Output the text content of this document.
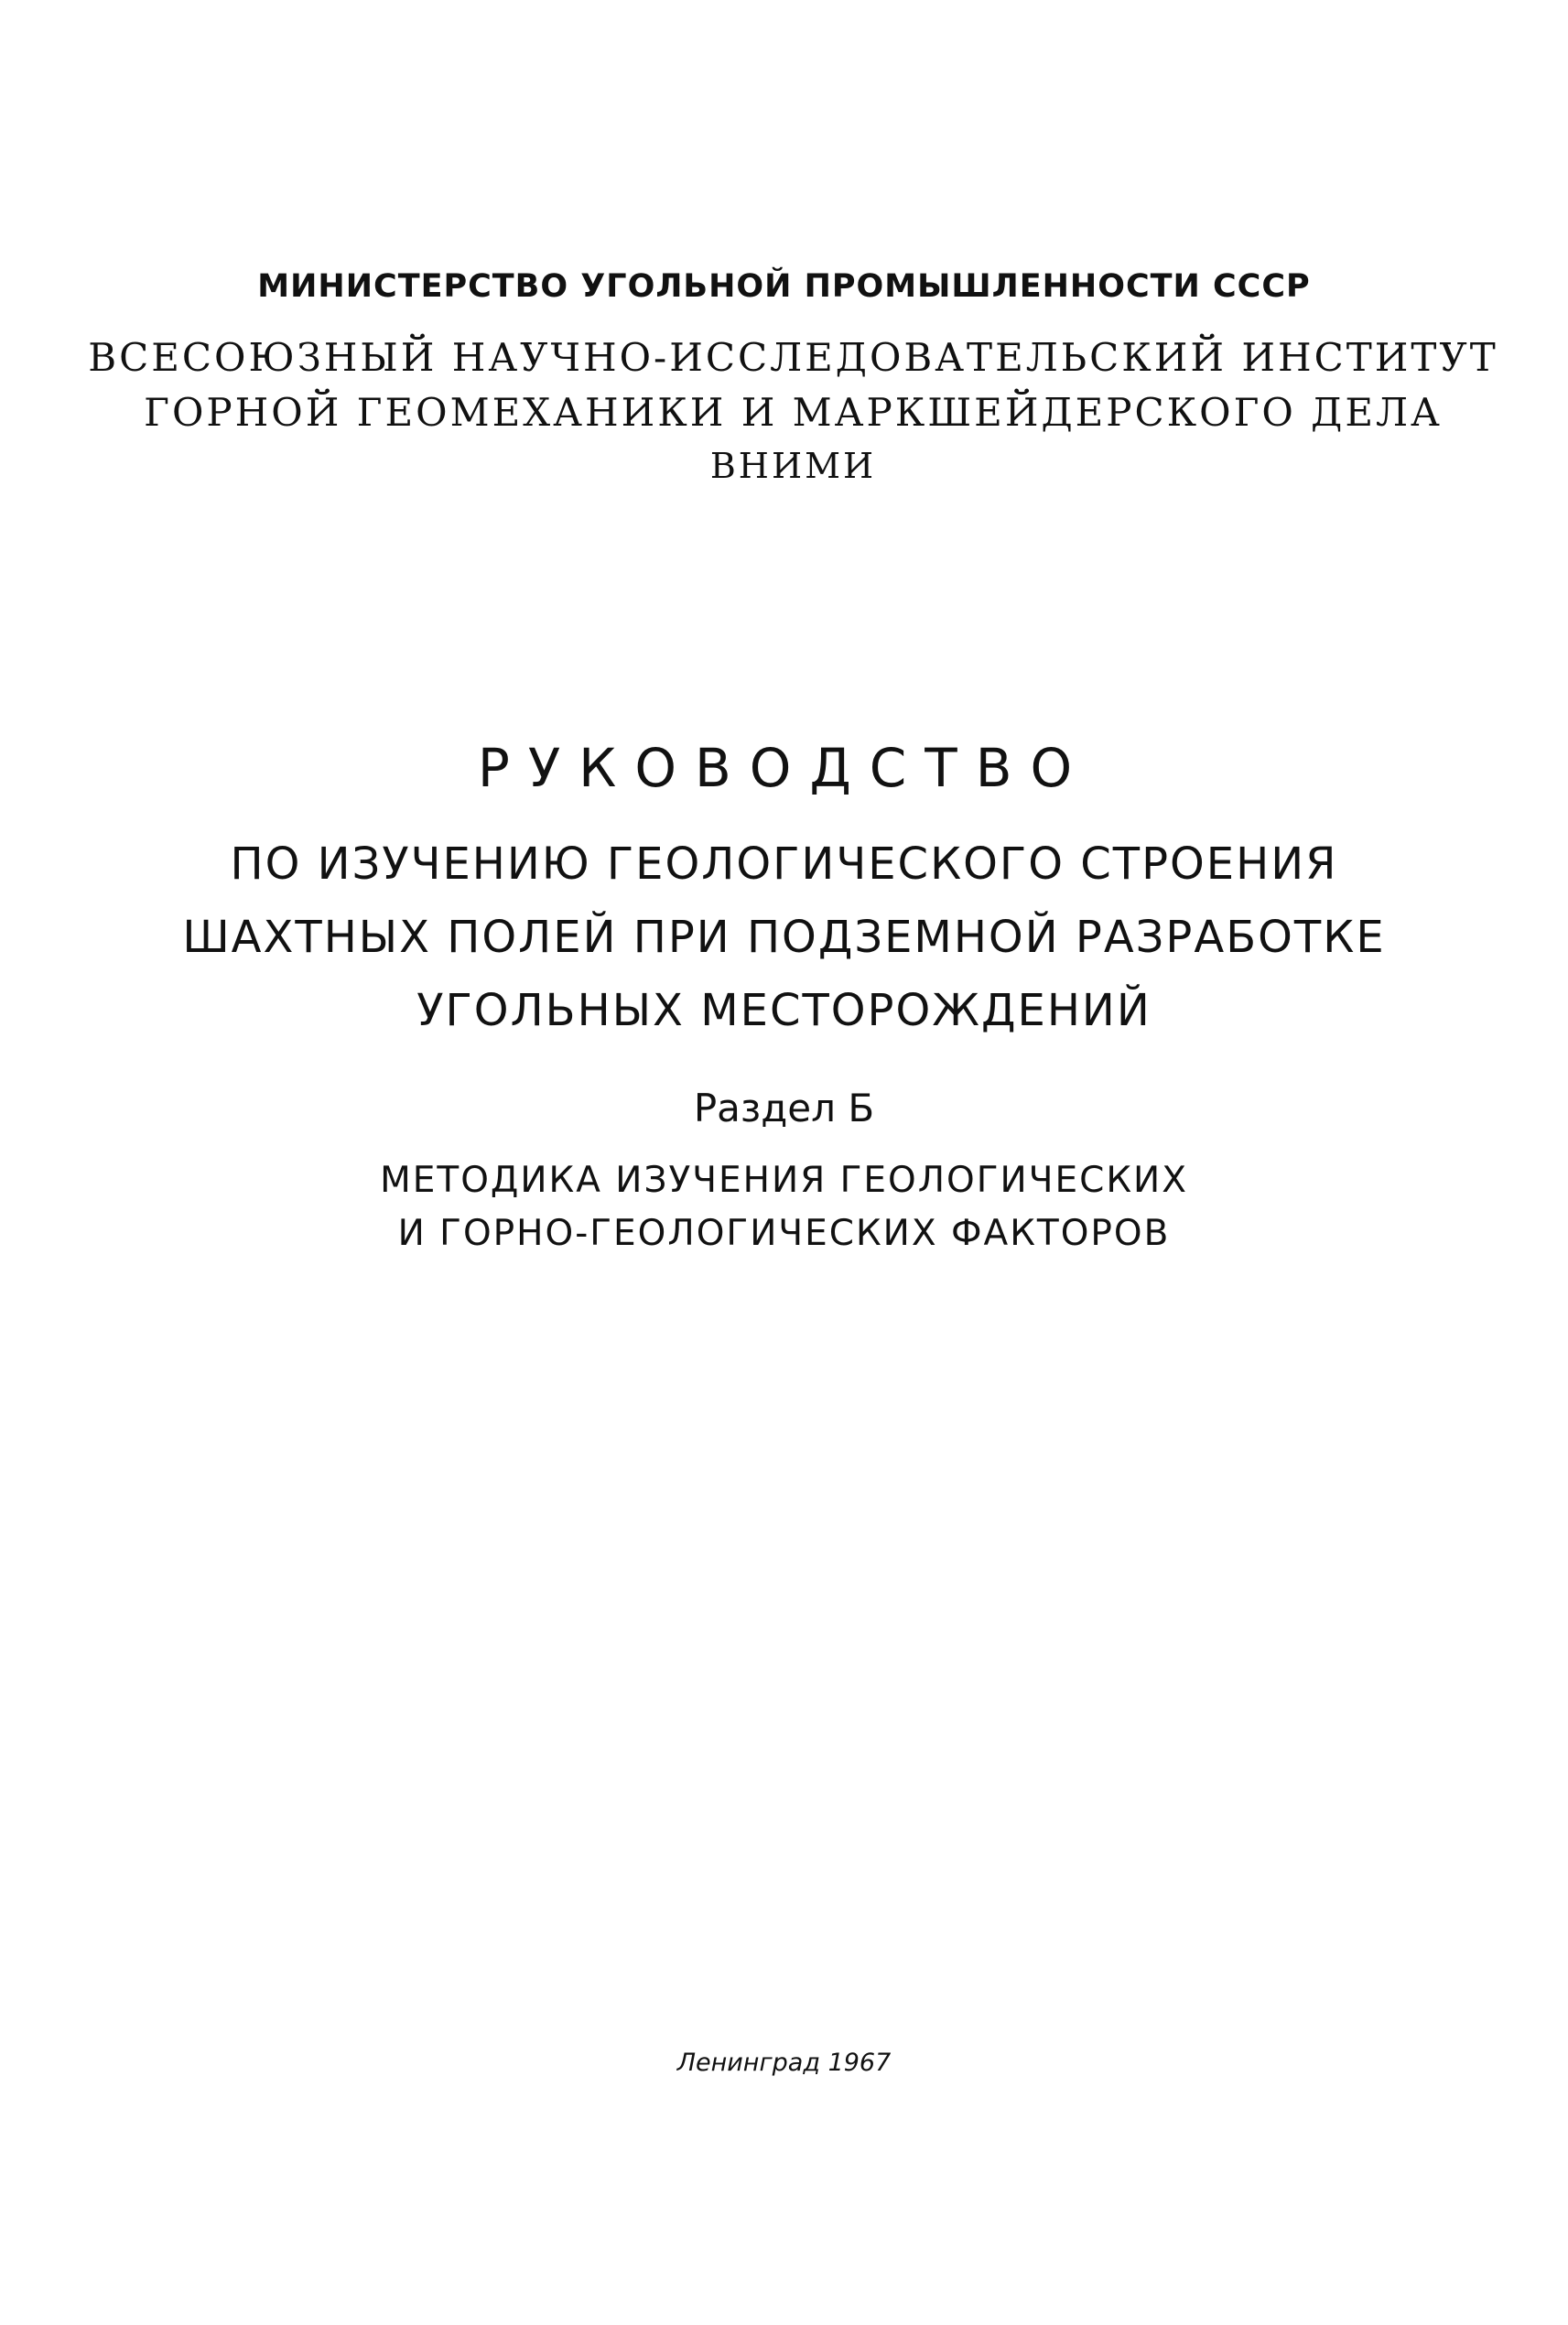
МИНИСТЕРСТВО УГОЛЬНОЙ ПРОМЫШЛЕННОСТИ СССР
ВСЕСОЮЗНЫЙ НАУЧНО-ИССЛЕДОВАТЕЛЬСКИЙ ИНСТИТУТ
ГОРНОЙ ГЕОМЕХАНИКИ И МАРКШЕЙДЕРСКОГО ДЕЛА
ВНИМИ
РУКОВОДСТВО
ПО ИЗУЧЕНИЮ ГЕОЛОГИЧЕСКОГО СТРОЕНИЯ
ШАХТНЫХ ПОЛЕЙ ПРИ ПОДЗЕМНОЙ РАЗРАБОТКЕ
УГОЛЬНЫХ МЕСТОРОЖДЕНИЙ
Раздел Б
МЕТОДИКА ИЗУЧЕНИЯ ГЕОЛОГИЧЕСКИХ
И ГОРНО-ГЕОЛОГИЧЕСКИХ ФАКТОРОВ
Ленинград 1967
